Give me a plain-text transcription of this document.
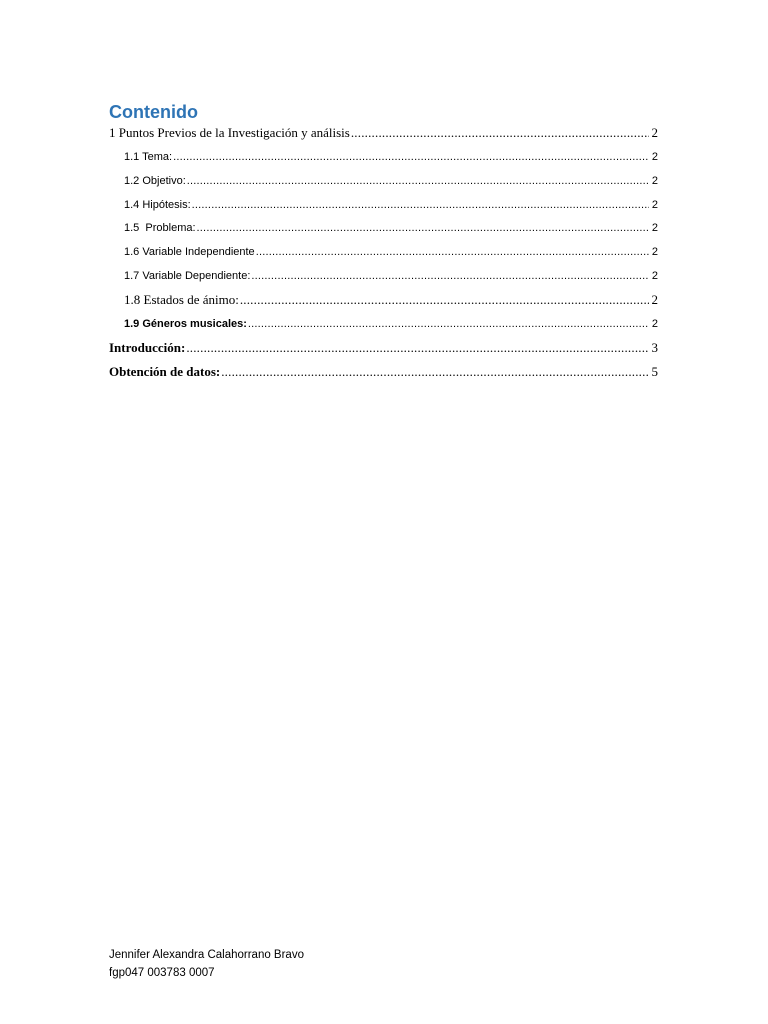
Contenido
1 Puntos Previos de la Investigación y análisis .....	2
1.1 Tema: .....	2
1.2 Objetivo: .....	2
1.4 Hipótesis: .....	2
1.5  Problema: .....	2
1.6 Variable Independiente .....	2
1.7 Variable Dependiente: .....	2
1.8 Estados de ánimo: .....	2
1.9 Géneros musicales: .....	2
Introducción: .....	3
Obtención de datos: .....	5
Jennifer Alexandra Calahorrano Bravo
fgp047 003783 0007
